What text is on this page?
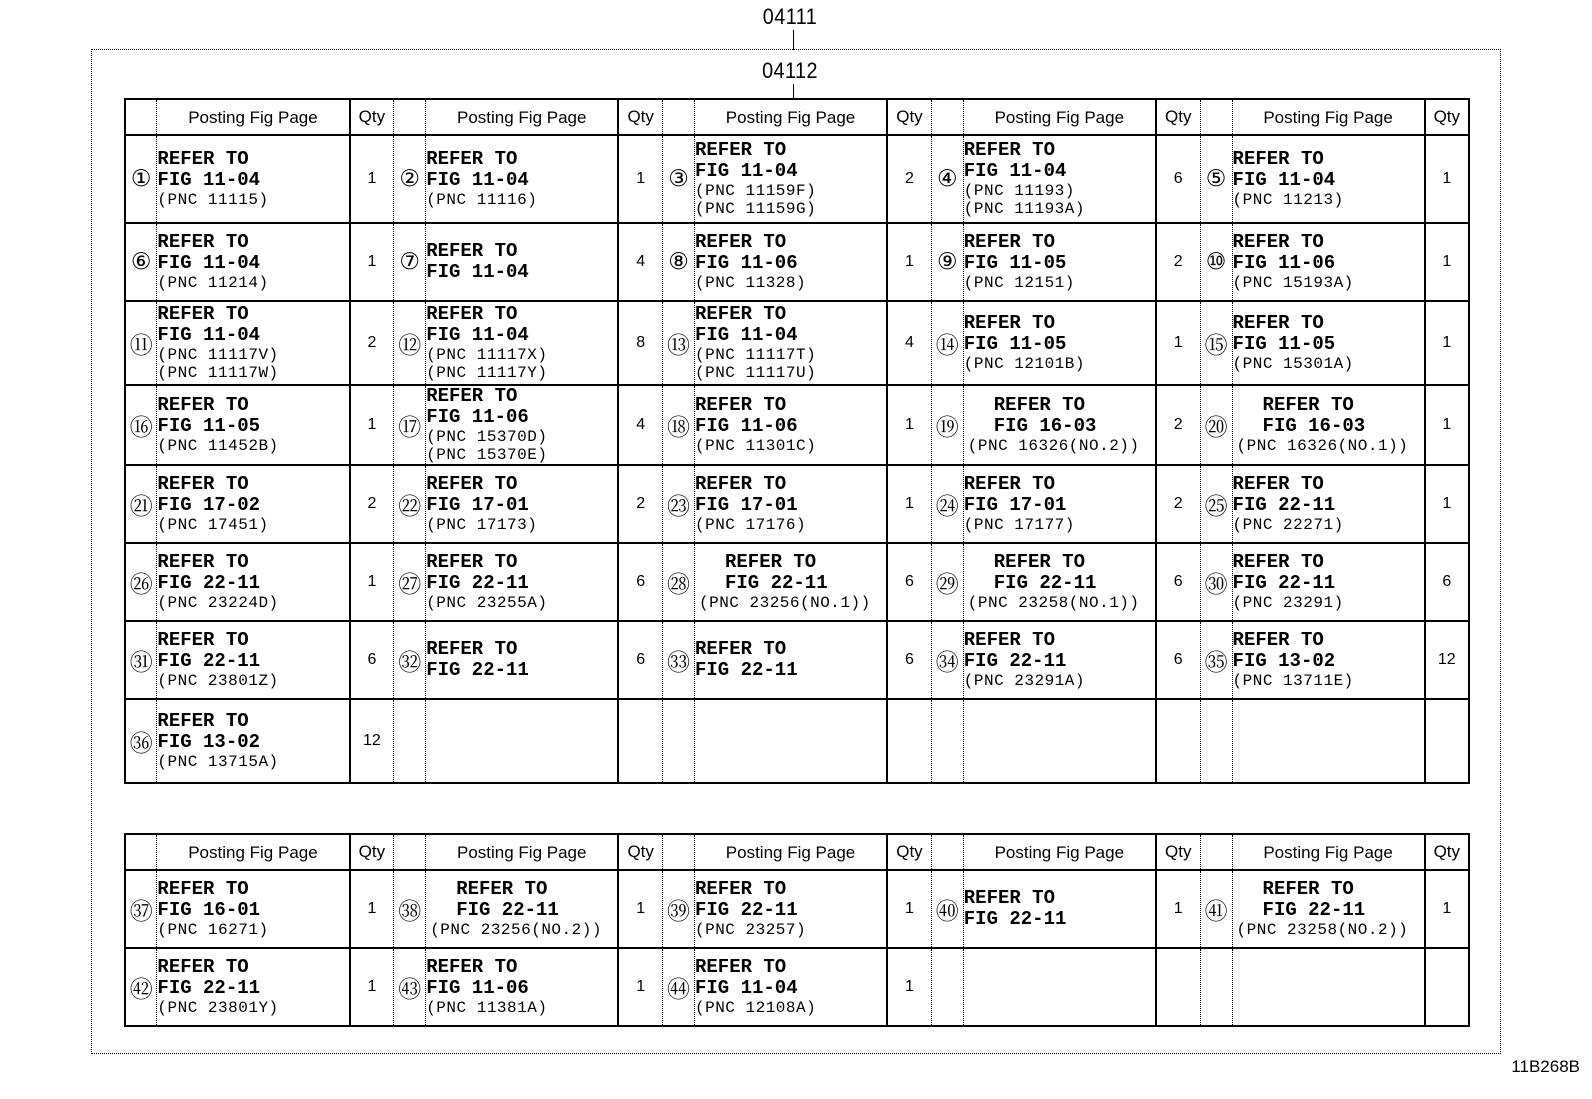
04111
04112
	Posting Fig Page	Qty		Posting Fig Page	Qty		Posting Fig Page	Qty		Posting Fig Page	Qty		Posting Fig Page	Qty
①	REFER TO
FIG 11-04
(PNC 11115)	1	②	REFER TO
FIG 11-04
(PNC 11116)	1	③	REFER TO
FIG 11-04
(PNC 11159F)
(PNC 11159G)	2	④	REFER TO
FIG 11-04
(PNC 11193)
(PNC 11193A)	6	⑤	REFER TO
FIG 11-04
(PNC 11213)	1
⑥	REFER TO
FIG 11-04
(PNC 11214)	1	⑦	REFER TO
FIG 11-04	4	⑧	REFER TO
FIG 11-06
(PNC 11328)	1	⑨	REFER TO
FIG 11-05
(PNC 12151)	2	⑩	REFER TO
FIG 11-06
(PNC 15193A)	1
⑪	REFER TO
FIG 11-04
(PNC 11117V)
(PNC 11117W)	2	⑫	REFER TO
FIG 11-04
(PNC 11117X)
(PNC 11117Y)	8	⑬	REFER TO
FIG 11-04
(PNC 11117T)
(PNC 11117U)	4	⑭	REFER TO
FIG 11-05
(PNC 12101B)	1	⑮	REFER TO
FIG 11-05
(PNC 15301A)	1
⑯	REFER TO
FIG 11-05
(PNC 11452B)	1	⑰	REFER TO
FIG 11-06
(PNC 15370D)
(PNC 15370E)	4	⑱	REFER TO
FIG 11-06
(PNC 11301C)	1	⑲	REFER TO
FIG 16-03
(PNC 16326(NO.2))	2	⑳	REFER TO
FIG 16-03
(PNC 16326(NO.1))	1
㉑	REFER TO
FIG 17-02
(PNC 17451)	2	㉒	REFER TO
FIG 17-01
(PNC 17173)	2	㉓	REFER TO
FIG 17-01
(PNC 17176)	1	㉔	REFER TO
FIG 17-01
(PNC 17177)	2	㉕	REFER TO
FIG 22-11
(PNC 22271)	1
㉖	REFER TO
FIG 22-11
(PNC 23224D)	1	㉗	REFER TO
FIG 22-11
(PNC 23255A)	6	㉘	REFER TO
FIG 22-11
(PNC 23256(NO.1))	6	㉙	REFER TO
FIG 22-11
(PNC 23258(NO.1))	6	㉚	REFER TO
FIG 22-11
(PNC 23291)	6
㉛	REFER TO
FIG 22-11
(PNC 23801Z)	6	㉜	REFER TO
FIG 22-11	6	㉝	REFER TO
FIG 22-11	6	㉞	REFER TO
FIG 22-11
(PNC 23291A)	6	㉟	REFER TO
FIG 13-02
(PNC 13711E)	12
㊱	REFER TO
FIG 13-02
(PNC 13715A)	12												
	Posting Fig Page	Qty		Posting Fig Page	Qty		Posting Fig Page	Qty		Posting Fig Page	Qty		Posting Fig Page	Qty
㊲	REFER TO
FIG 16-01
(PNC 16271)	1	㊳	REFER TO
FIG 22-11
(PNC 23256(NO.2))	1	㊴	REFER TO
FIG 22-11
(PNC 23257)	1	㊵	REFER TO
FIG 22-11	1	㊶	REFER TO
FIG 22-11
(PNC 23258(NO.2))	1
㊷	REFER TO
FIG 22-11
(PNC 23801Y)	1	㊸	REFER TO
FIG 11-06
(PNC 11381A)	1	㊹	REFER TO
FIG 11-04
(PNC 12108A)	1						
11B268B
